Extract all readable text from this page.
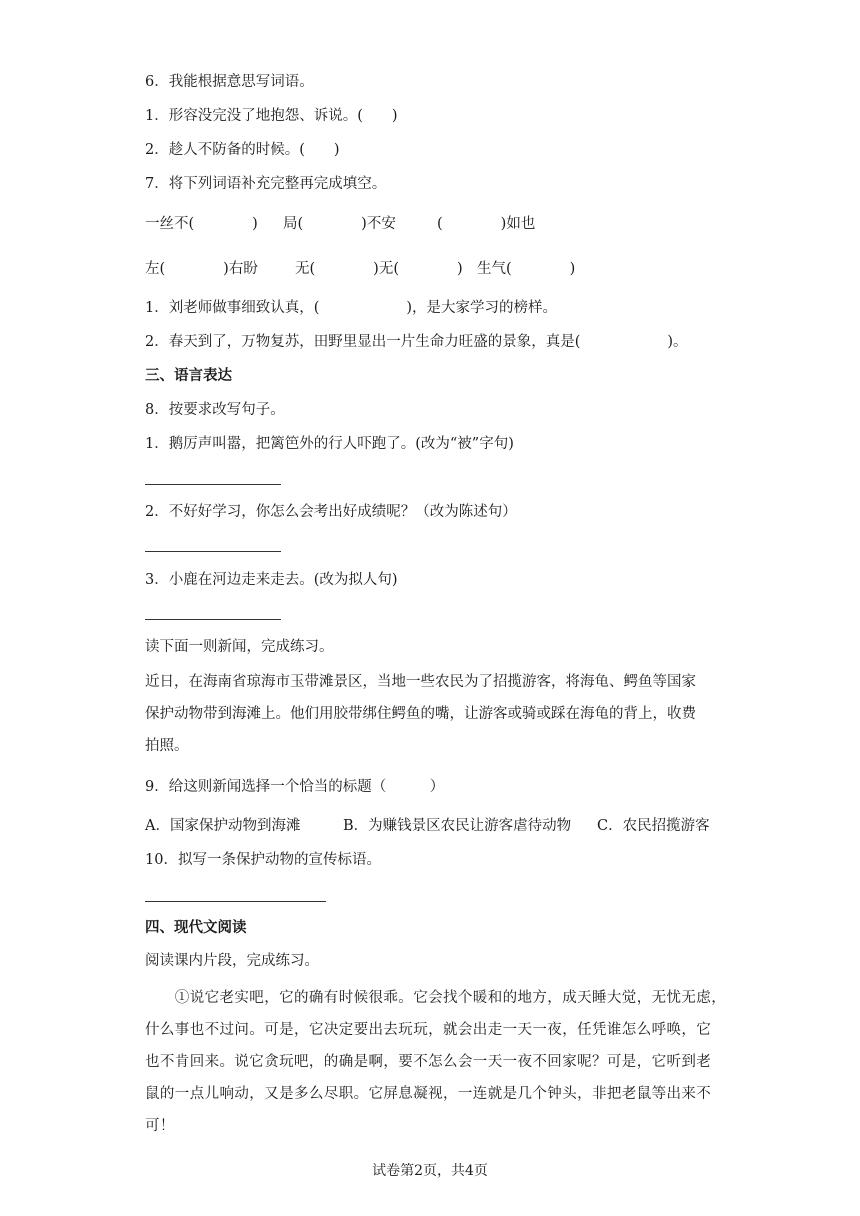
6．我能根据意思写词语。
1．形容没完没了地抱怨、诉说。(　　)
2．趁人不防备的时候。(　　)
7．将下列词语补充完整再完成填空。
一丝不(　　　　) 局(　　　　)不安	(　　　　)如也
左(　　　　)右盼	无(　　　　)无(　　　　) 生气(　　　　)
1．刘老师做事细致认真，(　　　　　　)，是大家学习的榜样。
2．春天到了，万物复苏，田野里显出一片生命力旺盛的景象，真是(　　　　　　)。
三、语言表达
8．按要求改写句子。
1．鹅厉声叫嚣，把篱笆外的行人吓跑了。(改为“被”字句)
2．不好好学习，你怎么会考出好成绩呢？（改为陈述句）
3．小鹿在河边走来走去。(改为拟人句)
读下面一则新闻，完成练习。
近日，在海南省琼海市玉带滩景区，当地一些农民为了招揽游客，将海龟、鳄鱼等国家
保护动物带到海滩上。他们用胶带绑住鳄鱼的嘴，让游客或骑或踩在海龟的背上，收费
拍照。
9．给这则新闻选择一个恰当的标题（　　　）
A．国家保护动物到海滩	B．为赚钱景区农民让游客虐待动物 C．农民招揽游客
10．拟写一条保护动物的宣传标语。
四、现代文阅读
阅读课内片段，完成练习。
　　①说它老实吧，它的确有时候很乖。它会找个暖和的地方，成天睡大觉，无忧无虑，
什么事也不过问。可是，它决定要出去玩玩，就会出走一天一夜，任凭谁怎么呼唤，它
也不肯回来。说它贪玩吧，的确是啊，要不怎么会一天一夜不回家呢？可是，它听到老
鼠的一点儿响动，又是多么尽职。它屏息凝视，一连就是几个钟头，非把老鼠等出来不
可！
试卷第2页，共4页
